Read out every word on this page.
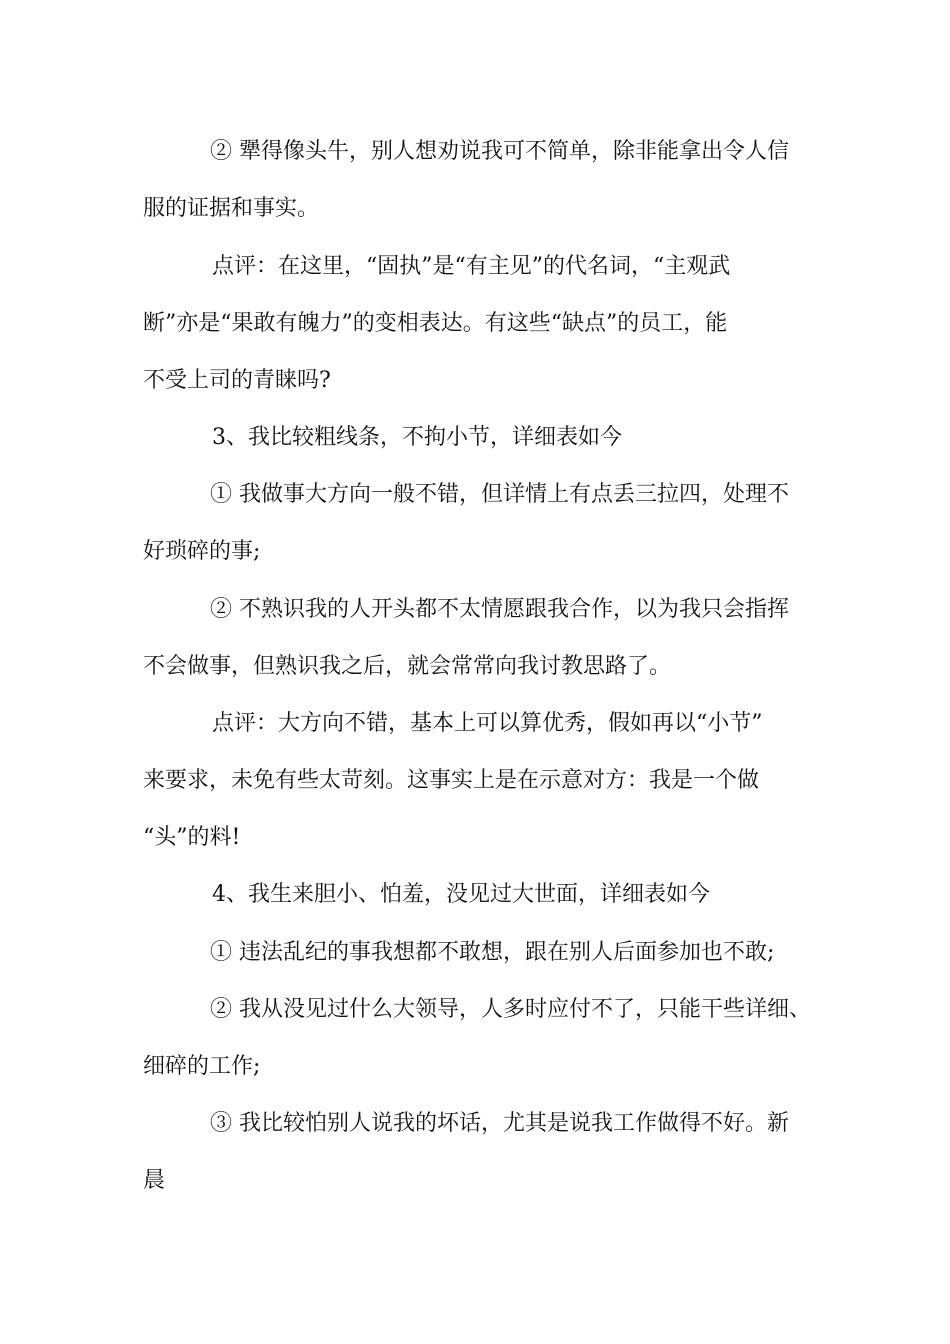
② 犟得像头牛，别人想劝说我可不简单，除非能拿出令人信
服的证据和事实。
点评：在这里，“固执”是“有主见”的代名词，“主观武
断”亦是“果敢有魄力”的变相表达。有这些“缺点”的员工，能
不受上司的青睐吗?
3、我比较粗线条，不拘小节，详细表如今
① 我做事大方向一般不错，但详情上有点丢三拉四，处理不
好琐碎的事;
② 不熟识我的人开头都不太情愿跟我合作，以为我只会指挥
不会做事，但熟识我之后，就会常常向我讨教思路了。
点评：大方向不错，基本上可以算优秀，假如再以“小节”
来要求，未免有些太苛刻。这事实上是在示意对方：我是一个做
“头”的料!
4、我生来胆小、怕羞，没见过大世面，详细表如今
① 违法乱纪的事我想都不敢想，跟在别人后面参加也不敢;
② 我从没见过什么大领导，人多时应付不了，只能干些详细、
细碎的工作;
③ 我比较怕别人说我的坏话，尤其是说我工作做得不好。新
晨
